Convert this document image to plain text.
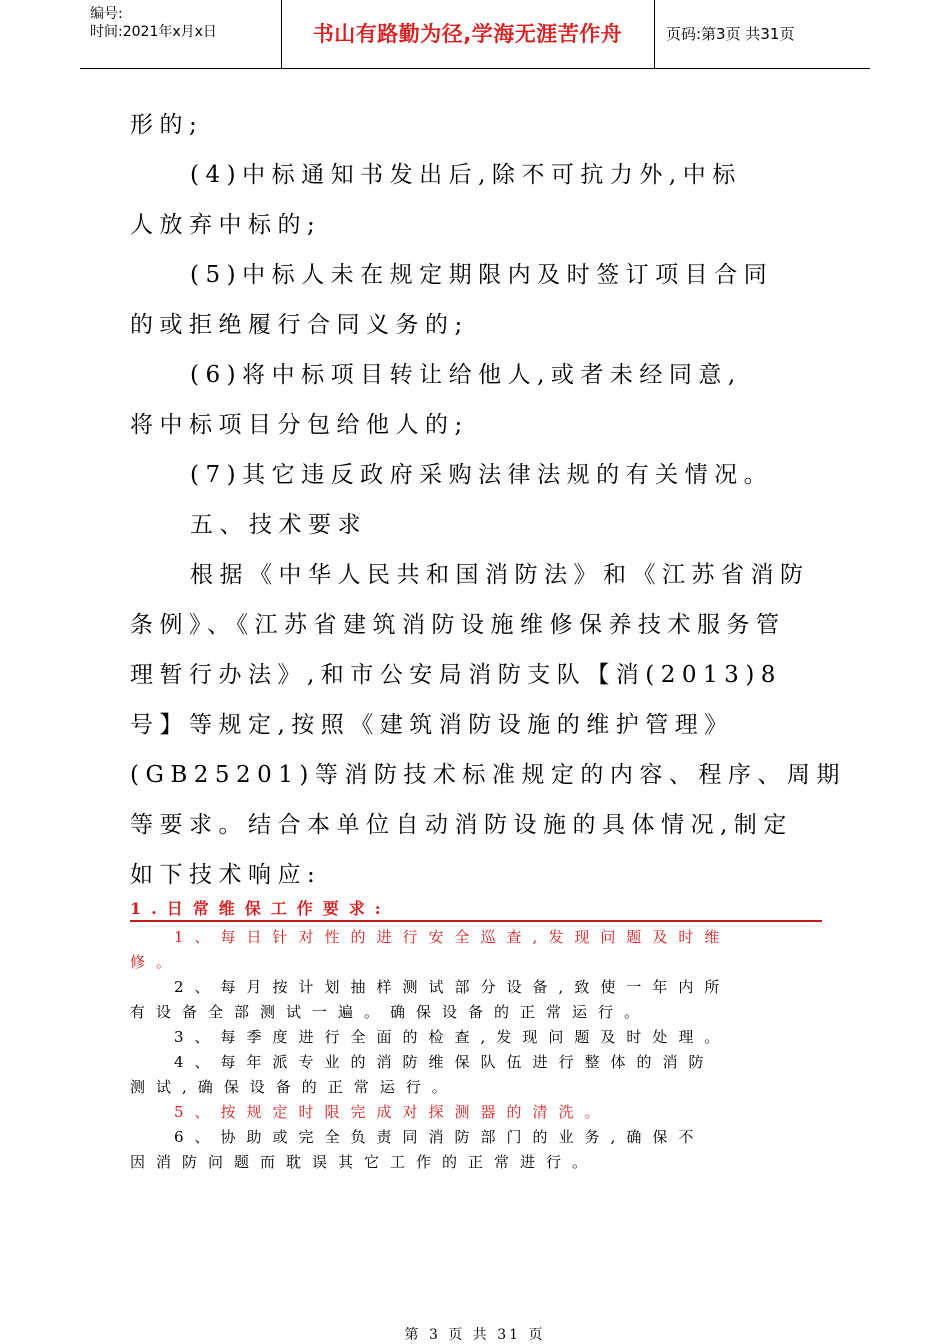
编号:
时间:2021年x月x日	书山有路勤为径,学海无涯苦作舟	页码:第3页 共31页

形的;

(4)中标通知书发出后,除不可抗力外,中标

人放弃中标的;

(5)中标人未在规定期限内及时签订项目合同

的或拒绝履行合同义务的;

(6)将中标项目转让给他人,或者未经同意,

将中标项目分包给他人的;

(7)其它违反政府采购法律法规的有关情况。

五、技术要求

根据《中华人民共和国消防法》和《江苏省消防

条例》、《江苏省建筑消防设施维修保养技术服务管

理暂行办法》,和市公安局消防支队【消(2013)8

号】等规定,按照《建筑消防设施的维护管理》

(GB25201)等消防技术标准规定的内容、程序、周期

等要求。结合本单位自动消防设施的具体情况,制定

如下技术响应:

1.日常维保工作要求:

1、每日针对性的进行安全巡查,发现问题及时维

修。

2、每月按计划抽样测试部分设备,致使一年内所

有设备全部测试一遍。确保设备的正常运行。

3、每季度进行全面的检查,发现问题及时处理。

4、每年派专业的消防维保队伍进行整体的消防

测试,确保设备的正常运行。

5、按规定时限完成对探测器的清洗。

6、协助或完全负责同消防部门的业务,确保不

因消防问题而耽误其它工作的正常进行。

第 3 页 共 31 页
